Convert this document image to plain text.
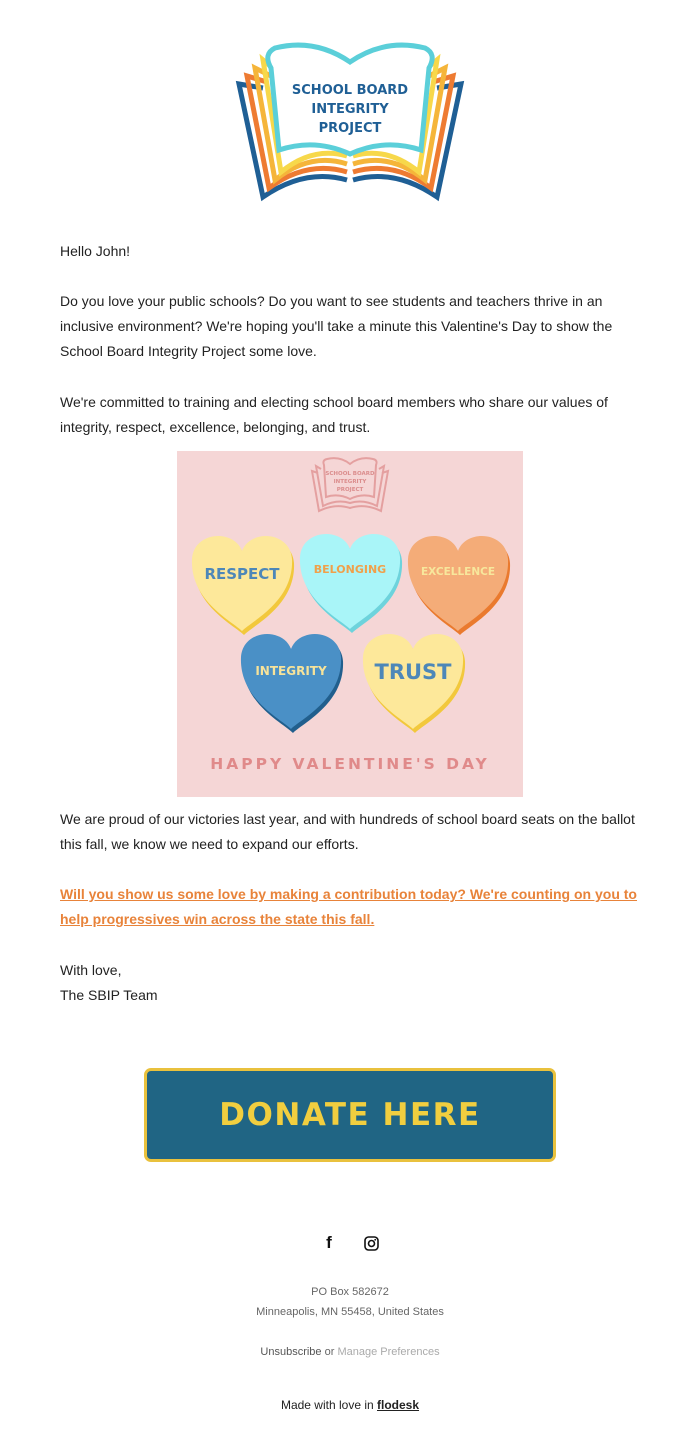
SCHOOL BOARD
INTEGRITY
PROJECT

Hello John!

Do you love your public schools? Do you want to see students and teachers thrive in an inclusive environment? We're hoping you'll take a minute this Valentine's Day to show the School Board Integrity Project some love.

We're committed to training and electing school board members who share our values of integrity, respect, excellence, belonging, and trust.

SCHOOL BOARD
INTEGRITY
PROJECT
RESPECT	BELONGING	EXCELLENCE
INTEGRITY TRUST
HAPPY VALENTINE'S DAY

We are proud of our victories last year, and with hundreds of school board seats on the ballot this fall, we know we need to expand our efforts.

Will you show us some love by making a contribution today? We're counting on you to help progressives win across the state this fall.

With love,
The SBIP Team
DONATE HERE
f
PO Box 582672
Minneapolis, MN 55458, United States
Unsubscribe or Manage Preferences
Made with love in flodesk
